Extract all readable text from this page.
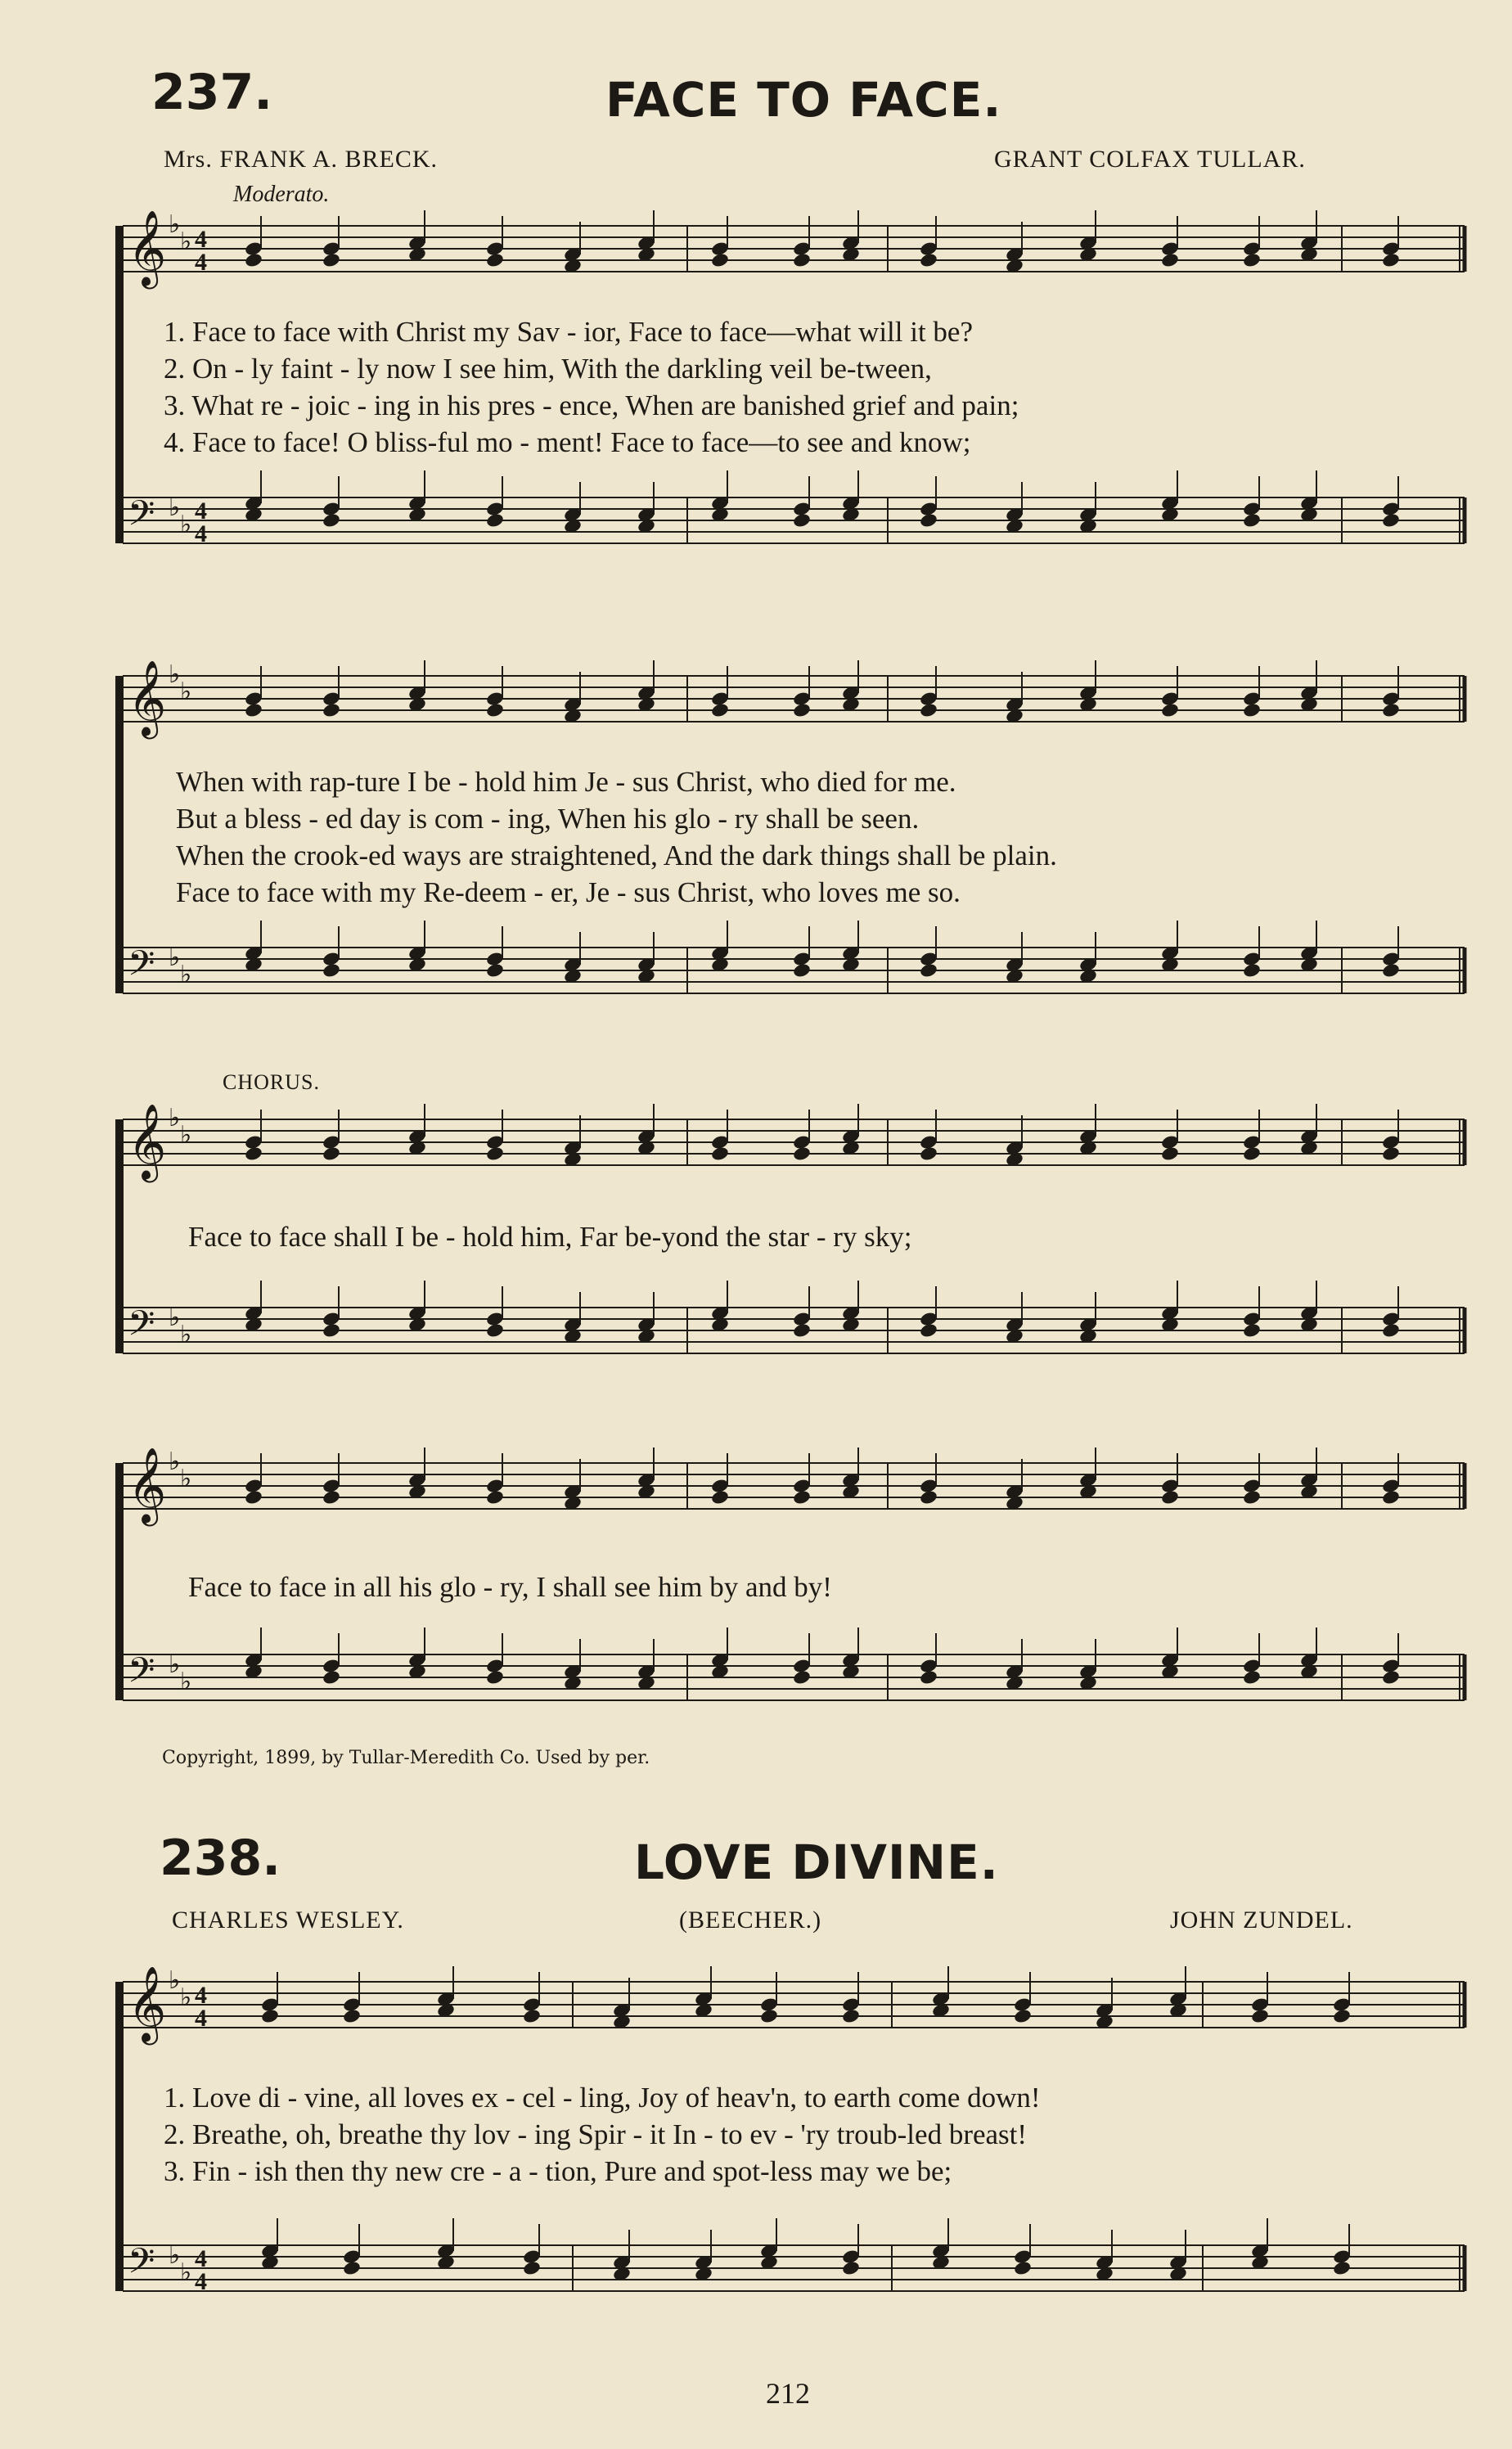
237.	FACE TO FACE.
Mrs. FRANK A. BRECK.	GRANT COLFAX TULLAR.
Moderato.
𝄞 ♭
♭
𝄢 ♭
♭
4
4
4
4
1. Face to face with Christ my Sav - ior, Face to face—what will it be?
2. On - ly faint - ly now I see him, With the darkling veil be-tween,
3. What re - joic - ing in his pres - ence, When are banished grief and pain;
4. Face to face! O bliss-ful mo - ment! Face to face—to see and know;
𝄞 ♭
♭
𝄢 ♭
♭
When with rap-ture I be - hold him Je - sus Christ, who died for me.
But a bless - ed day is com - ing, When his glo - ry shall be seen.
When the crook-ed ways are straightened, And the dark things shall be plain.
Face to face with my Re-deem - er, Je - sus Christ, who loves me so.
CHORUS.
𝄞 ♭
♭
𝄢 ♭
♭
Face to face shall I be - hold him, Far be-yond the star - ry sky;
𝄞 ♭
♭
𝄢 ♭
♭
Face to face in all his glo - ry, I shall see him by and by!
Copyright, 1899, by Tullar-Meredith Co. Used by per.
238.	LOVE DIVINE.
CHARLES WESLEY.	(BEECHER.)	JOHN ZUNDEL.
𝄞 ♭
♭
𝄢 ♭
♭
4
4
4
4
1. Love di - vine, all loves ex - cel - ling, Joy of heav'n, to earth come down!
2. Breathe, oh, breathe thy lov - ing Spir - it In - to ev - 'ry troub-led breast!
3. Fin - ish then thy new cre - a - tion, Pure and spot-less may we be;
212
